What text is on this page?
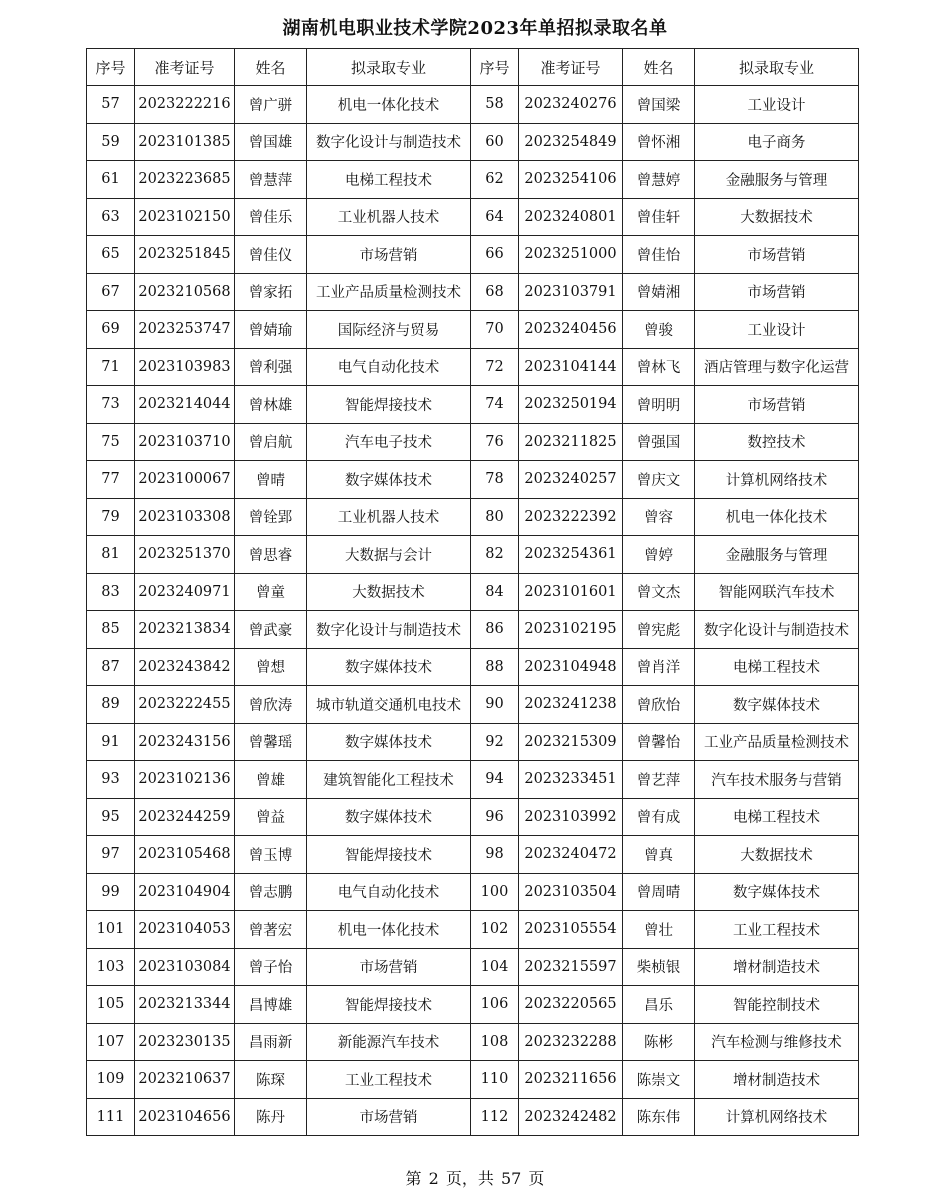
湖南机电职业技术学院2023年单招拟录取名单
序号	准考证号	姓名	拟录取专业	序号	准考证号	姓名	拟录取专业
57	2023222216	曾广骈	机电一体化技术	58	2023240276	曾国梁	工业设计
59	2023101385	曾国雄	数字化设计与制造技术	60	2023254849	曾怀湘	电子商务
61	2023223685	曾慧萍	电梯工程技术	62	2023254106	曾慧婷	金融服务与管理
63	2023102150	曾佳乐	工业机器人技术	64	2023240801	曾佳轩	大数据技术
65	2023251845	曾佳仪	市场营销	66	2023251000	曾佳怡	市场营销
67	2023210568	曾家拓	工业产品质量检测技术	68	2023103791	曾婧湘	市场营销
69	2023253747	曾婧瑜	国际经济与贸易	70	2023240456	曾骏	工业设计
71	2023103983	曾利强	电气自动化技术	72	2023104144	曾林飞	酒店管理与数字化运营
73	2023214044	曾林雄	智能焊接技术	74	2023250194	曾明明	市场营销
75	2023103710	曾启航	汽车电子技术	76	2023211825	曾强国	数控技术
77	2023100067	曾晴	数字媒体技术	78	2023240257	曾庆文	计算机网络技术
79	2023103308	曾铨郢	工业机器人技术	80	2023222392	曾容	机电一体化技术
81	2023251370	曾思睿	大数据与会计	82	2023254361	曾婷	金融服务与管理
83	2023240971	曾童	大数据技术	84	2023101601	曾文杰	智能网联汽车技术
85	2023213834	曾武豪	数字化设计与制造技术	86	2023102195	曾宪彪	数字化设计与制造技术
87	2023243842	曾想	数字媒体技术	88	2023104948	曾肖洋	电梯工程技术
89	2023222455	曾欣涛	城市轨道交通机电技术	90	2023241238	曾欣怡	数字媒体技术
91	2023243156	曾馨瑶	数字媒体技术	92	2023215309	曾馨怡	工业产品质量检测技术
93	2023102136	曾雄	建筑智能化工程技术	94	2023233451	曾艺萍	汽车技术服务与营销
95	2023244259	曾益	数字媒体技术	96	2023103992	曾有成	电梯工程技术
97	2023105468	曾玉博	智能焊接技术	98	2023240472	曾真	大数据技术
99	2023104904	曾志鹏	电气自动化技术	100	2023103504	曾周晴	数字媒体技术
101	2023104053	曾著宏	机电一体化技术	102	2023105554	曾壮	工业工程技术
103	2023103084	曾子怡	市场营销	104	2023215597	柴桢银	增材制造技术
105	2023213344	昌博雄	智能焊接技术	106	2023220565	昌乐	智能控制技术
107	2023230135	昌雨新	新能源汽车技术	108	2023232288	陈彬	汽车检测与维修技术
109	2023210637	陈琛	工业工程技术	110	2023211656	陈崇文	增材制造技术
111	2023104656	陈丹	市场营销	112	2023242482	陈东伟	计算机网络技术
第 2 页，共 57 页
